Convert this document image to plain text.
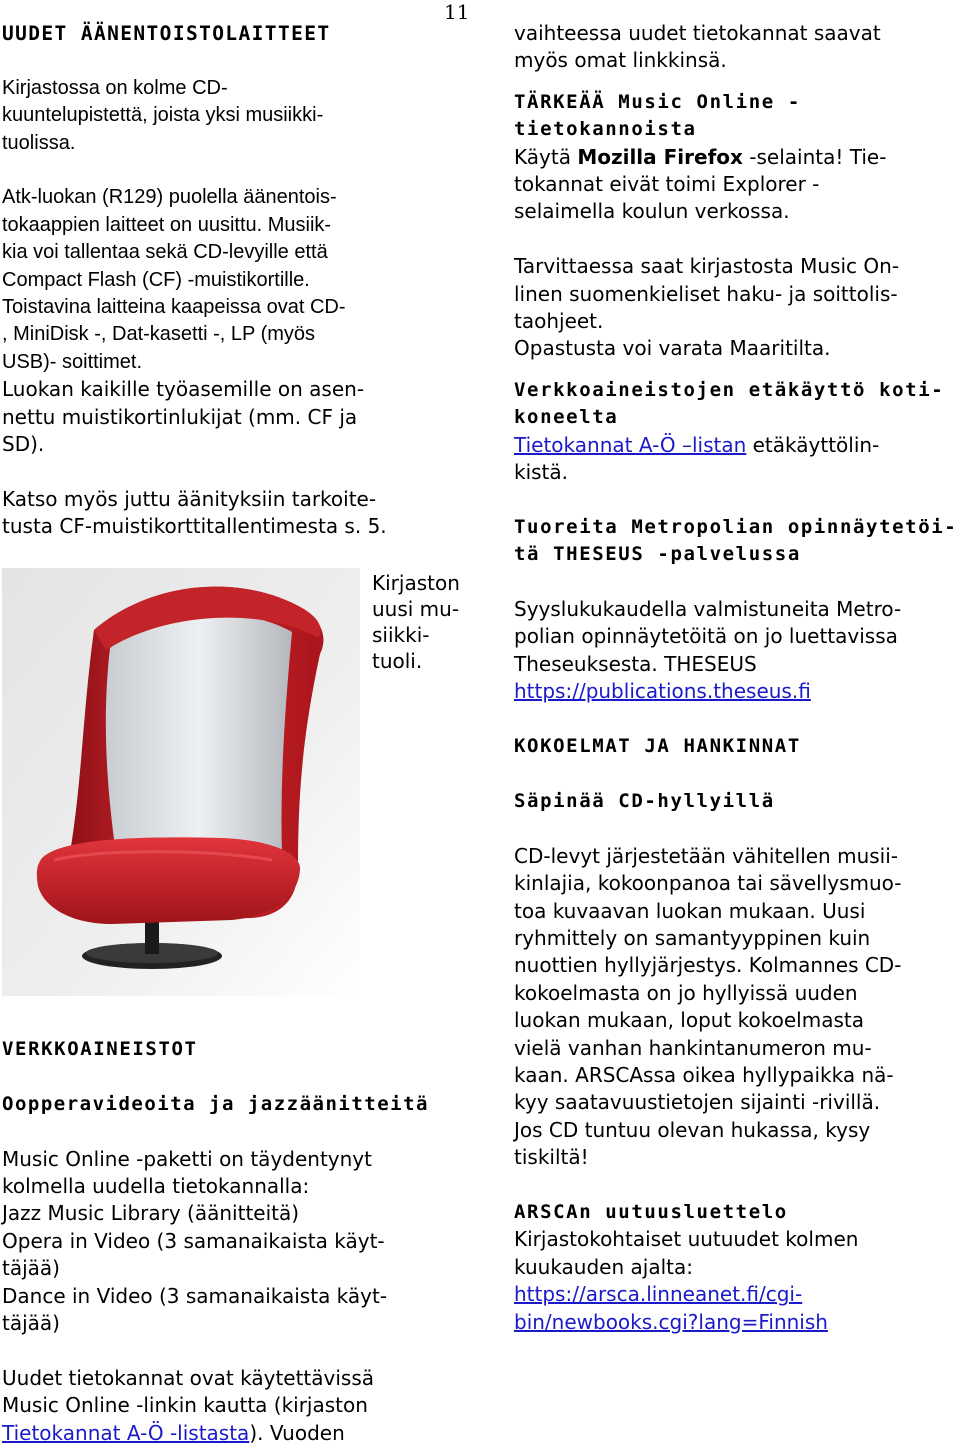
11
UUDET ÄÄNENTOISTOLAITTEET
Kirjastossa on kolme CD-
kuuntelupistettä, joista yksi musiikki-
tuolissa.
Atk-luokan (R129) puolella äänentois-
tokaappien laitteet on uusittu. Musiik-
kia voi tallentaa sekä CD-levyille että
Compact Flash (CF) -muistikortille.
Toistavina laitteina kaapeissa ovat CD-
, MiniDisk -, Dat-kasetti -, LP (myös
USB)- soittimet.
Luokan kaikille työasemille on asen-
nettu muistikortinlukijat (mm. CF ja
SD).
Katso myös juttu äänityksiin tarkoite-
tusta CF-muistikorttitallentimesta s. 5.
Kirjaston
uusi mu-
siikki-
tuoli.
VERKKOAINEISTOT
Oopperavideoita ja jazzäänitteitä
Music Online -paketti on täydentynyt
kolmella uudella tietokannalla:
Jazz Music Library (äänitteitä)
Opera in Video (3 samanaikaista käyt-
täjää)
Dance in Video (3 samanaikaista käyt-
täjää)
Uudet tietokannat ovat käytettävissä
Music Online -linkin kautta (kirjaston
Tietokannat A-Ö -listasta). Vuoden
vaihteessa uudet tietokannat saavat
myös omat linkkinsä.
TÄRKEÄÄ Music Online -
tietokannoista
Käytä Mozilla Firefox -selainta! Tie-
tokannat eivät toimi Explorer -
selaimella koulun verkossa.
Tarvittaessa saat kirjastosta Music On-
linen suomenkieliset haku- ja soittolis-
taohjeet.
Opastusta voi varata Maaritilta.
Verkkoaineistojen etäkäyttö koti-
koneelta
Tietokannat A-Ö –listan etäkäyttölin-
kistä.
Tuoreita Metropolian opinnäytetöi-
tä THESEUS -palvelussa
Syyslukukaudella valmistuneita Metro-
polian opinnäytetöitä on jo luettavissa
Theseuksesta. THESEUS
https://publications.theseus.fi
KOKOELMAT JA HANKINNAT
Säpinää CD-hyllyillä
CD-levyt järjestetään vähitellen musii-
kinlajia, kokoonpanoa tai sävellysmuo-
toa kuvaavan luokan mukaan. Uusi
ryhmittely on samantyyppinen kuin
nuottien hyllyjärjestys. Kolmannes CD-
kokoelmasta on jo hyllyissä uuden
luokan mukaan, loput kokoelmasta
vielä vanhan hankintanumeron mu-
kaan. ARSCAssa oikea hyllypaikka nä-
kyy saatavuustietojen sijainti -rivillä.
Jos CD tuntuu olevan hukassa, kysy
tiskiltä!
ARSCAn uutuusluettelo
Kirjastokohtaiset uutuudet kolmen
kuukauden ajalta:
https://arsca.linneanet.fi/cgi-
bin/newbooks.cgi?lang=Finnish
